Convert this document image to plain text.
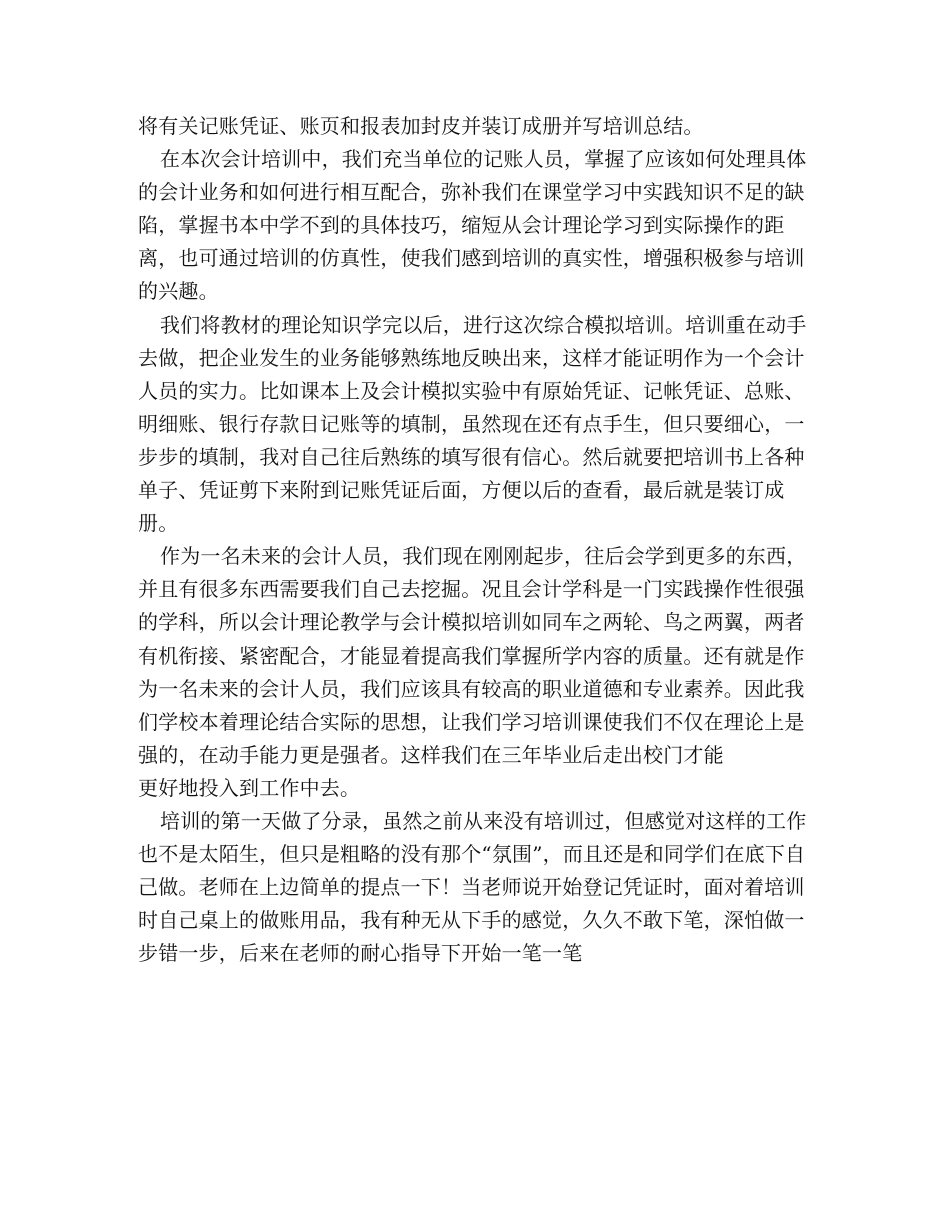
将有关记账凭证、账页和报表加封皮并装订成册并写培训总结。

在本次会计培训中，我们充当单位的记账人员，掌握了应该如何处理具体的会计业务和如何进行相互配合，弥补我们在课堂学习中实践知识不足的缺陷，掌握书本中学不到的具体技巧，缩短从会计理论学习到实际操作的距离，也可通过培训的仿真性，使我们感到培训的真实性，增强积极参与培训的兴趣。

我们将教材的理论知识学完以后，进行这次综合模拟培训。培训重在动手去做，把企业发生的业务能够熟练地反映出来，这样才能证明作为一个会计人员的实力。比如课本上及会计模拟实验中有原始凭证、记帐凭证、总账、明细账、银行存款日记账等的填制，虽然现在还有点手生，但只要细心，一步步的填制，我对自己往后熟练的填写很有信心。然后就要把培训书上各种单子、凭证剪下来附到记账凭证后面，方便以后的查看，最后就是装订成册。

作为一名未来的会计人员，我们现在刚刚起步，往后会学到更多的东西，并且有很多东西需要我们自己去挖掘。况且会计学科是一门实践操作性很强的学科，所以会计理论教学与会计模拟培训如同车之两轮、鸟之两翼，两者有机衔接、紧密配合，才能显着提高我们掌握所学内容的质量。还有就是作为一名未来的会计人员，我们应该具有较高的职业道德和专业素养。因此我们学校本着理论结合实际的思想，让我们学习培训课使我们不仅在理论上是强的，在动手能力更是强者。这样我们在三年毕业后走出校门才能

更好地投入到工作中去。

培训的第一天做了分录，虽然之前从来没有培训过，但感觉对这样的工作也不是太陌生，但只是粗略的没有那个“氛围”，而且还是和同学们在底下自己做。老师在上边简单的提点一下！当老师说开始登记凭证时，面对着培训时自己桌上的做账用品，我有种无从下手的感觉，久久不敢下笔，深怕做一步错一步，后来在老师的耐心指导下开始一笔一笔
